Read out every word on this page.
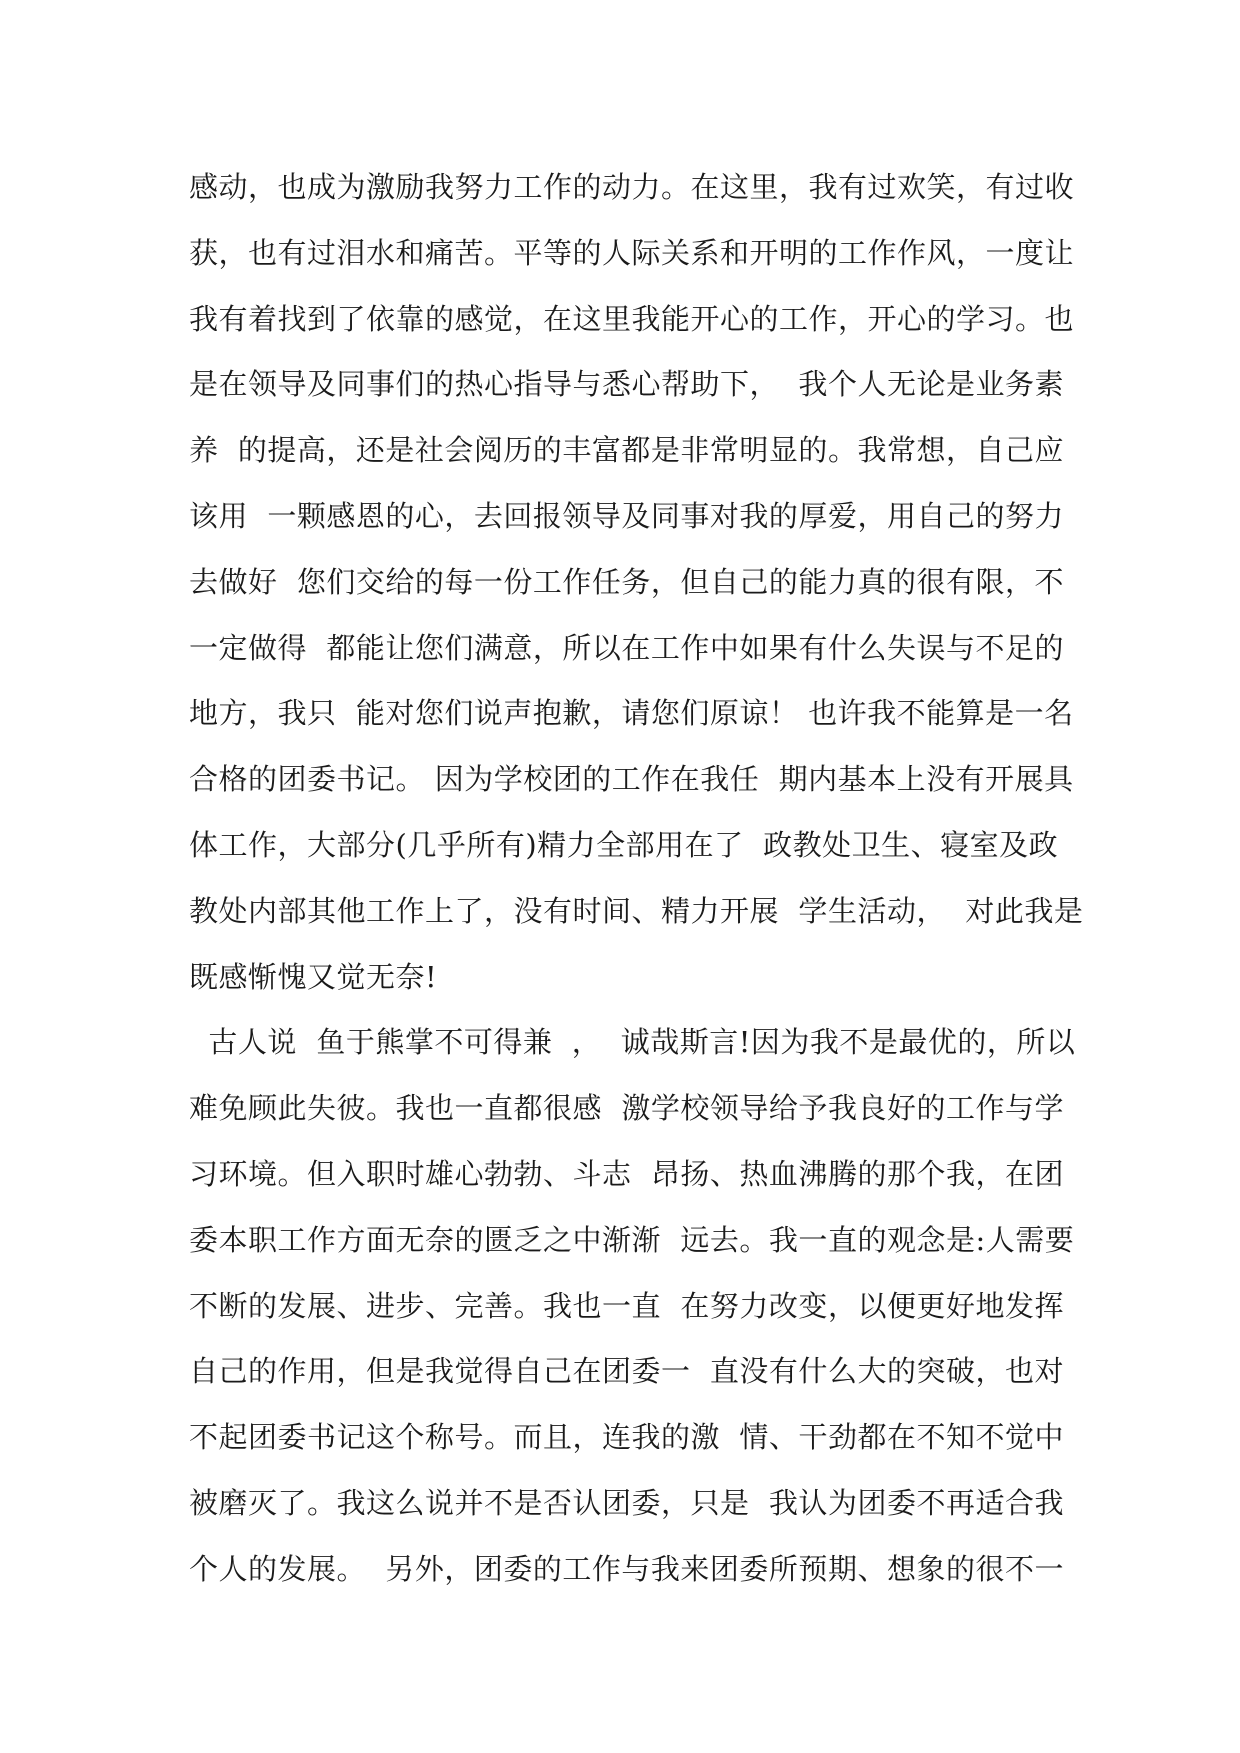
感动，也成为激励我努力工作的动力。在这里，我有过欢笑，有过收
获，也有过泪水和痛苦。平等的人际关系和开明的工作作风，一度让
我有着找到了依靠的感觉，在这里我能开心的工作，开心的学习。也
是在领导及同事们的热心指导与悉心帮助下，  我个人无论是业务素
养  的提高，还是社会阅历的丰富都是非常明显的。我常想，自己应
该用  一颗感恩的心，去回报领导及同事对我的厚爱，用自己的努力
去做好  您们交给的每一份工作任务，但自己的能力真的很有限，不
一定做得  都能让您们满意，所以在工作中如果有什么失误与不足的
地方，我只  能对您们说声抱歉，请您们原谅！ 也许我不能算是一名
合格的团委书记。 因为学校团的工作在我任  期内基本上没有开展具
体工作，大部分(几乎所有)精力全部用在了  政教处卫生、寝室及政
教处内部其他工作上了，没有时间、精力开展  学生活动，  对此我是
既感惭愧又觉无奈!
古人说  鱼于熊掌不可得兼  ，  诚哉斯言!因为我不是最优的，所以
难免顾此失彼。我也一直都很感  激学校领导给予我良好的工作与学
习环境。但入职时雄心勃勃、斗志  昂扬、热血沸腾的那个我，在团
委本职工作方面无奈的匮乏之中渐渐  远去。我一直的观念是:人需要
不断的发展、进步、完善。我也一直  在努力改变，以便更好地发挥
自己的作用，但是我觉得自己在团委一  直没有什么大的突破，也对
不起团委书记这个称号。而且，连我的激  情、干劲都在不知不觉中
被磨灭了。我这么说并不是否认团委，只是  我认为团委不再适合我
个人的发展。  另外，团委的工作与我来团委所预期、想象的很不一
